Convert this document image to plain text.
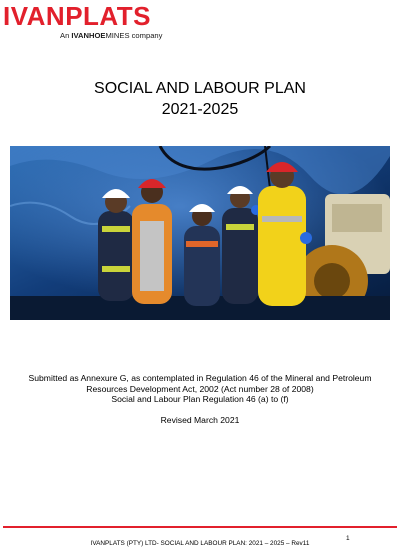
IVANPLATS
An IVANHOEMINES company
SOCIAL AND LABOUR PLAN
2021-2025
Submitted as Annexure G, as contemplated in Regulation 46 of the Mineral and Petroleum
Resources Development Act, 2002 (Act number 28 of 2008)
Social and Labour Plan Regulation 46 (a) to (f)
Revised March 2021
1
IVANPLATS (PTY) LTD- SOCIAL AND LABOUR PLAN: 2021 – 2025 – Rev11
